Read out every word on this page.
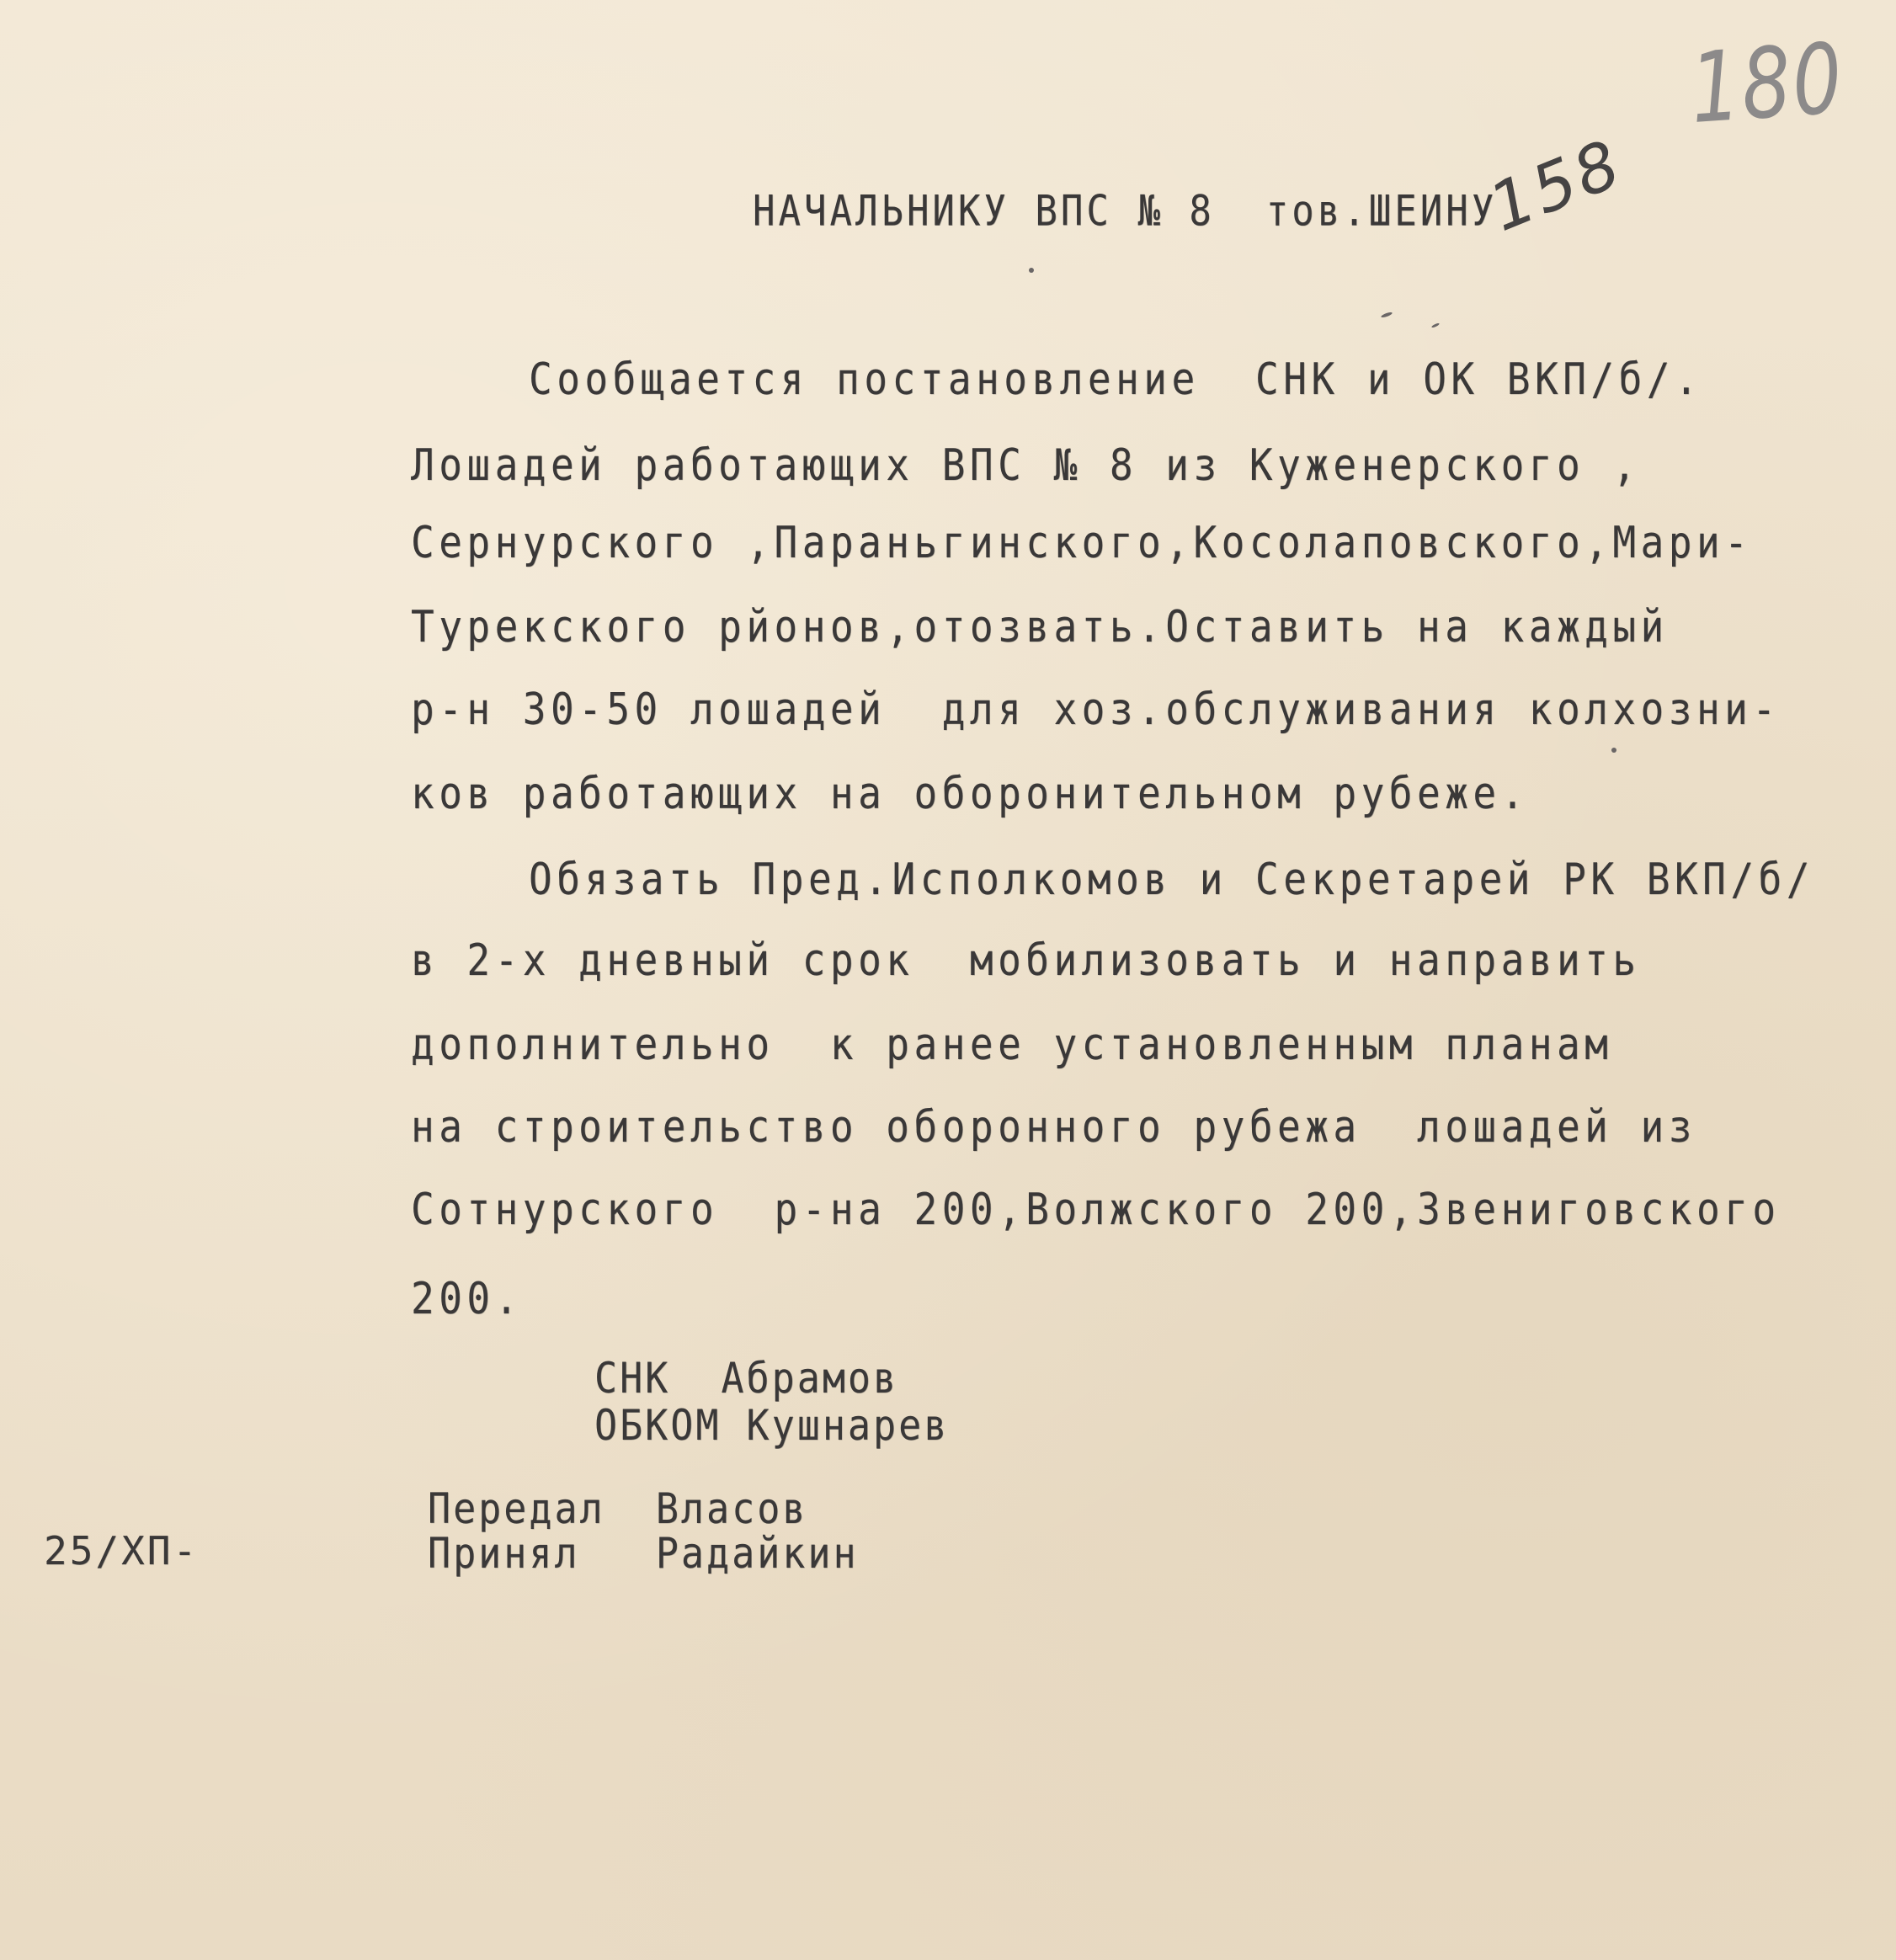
180
НАЧАЛЬНИКУ ВПС № 8  тов.ШЕИНУ
158
Сообщается постановление  СНК и ОК ВКП/б/.
Лошадей работающих ВПС № 8 из Куженерского ,
Сернурского ,Параньгинского,Косолаповского,Мари-
Турекского рйонов,отозвать.Оставить на каждый
р-н 30-50 лошадей  для хоз.обслуживания колхозни-
ков работающих на оборонительном рубеже.
Обязать Пред.Исполкомов и Секретарей РК ВКП/б/
в 2-х дневный срок  мобилизовать и направить
дополнительно  к ранее установленным планам
на строительство оборонного рубежа  лошадей из
Сотнурского  р-на 200,Волжского 200,Звениговского
200.
СНК  Абрамов
ОБКОМ Кушнарев
Передал  Власов
Принял   Радайкин
25/ХП-
